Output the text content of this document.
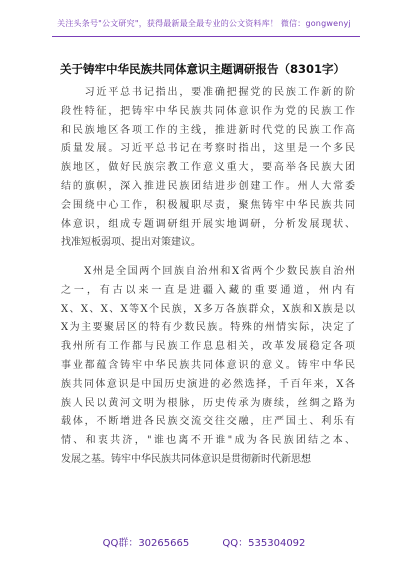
关注头条号"公文研究"，获得最新最全最专业的公文资料库！ 微信：gongwenyj
关于铸牢中华民族共同体意识主题调研报告（8301字）
　　习近平总书记指出，要准确把握党的民族工作新的阶
段性特征，把铸牢中华民族共同体意识作为党的民族工作
和民族地区各项工作的主线，推进新时代党的民族工作高
质量发展。习近平总书记在考察时指出，这里是一个多民
族地区，做好民族宗教工作意义重大，要高举各民族大团
结的旗帜，深入推进民族团结进步创建工作。州人大常委
会围绕中心工作，积极履职尽责，聚焦铸牢中华民族共同
体意识，组成专题调研组开展实地调研，分析发展现状、
找准短板弱项、提出对策建议。
　　X州是全国两个回族自治州和X省两个少数民族自治州
之一，有古以来一直是进疆入藏的重要通道，州内有
X、X、X、X等X个民族，X多万各族群众，X族和X族是以
X为主要聚居区的特有少数民族。特殊的州情实际，决定了
我州所有工作都与民族工作息息相关，改革发展稳定各项
事业都蕴含铸牢中华民族共同体意识的意义。铸牢中华民
族共同体意识是中国历史演进的必然选择，千百年来，X各
族人民以黄河文明为根脉，历史传承为赓续，丝绸之路为
载体，不断增进各民族交流交往交融，庄严国土、利乐有
情、和衷共济，"谁也离不开谁"成为各民族团结之本、
发展之基。铸牢中华民族共同体意识是贯彻新时代新思想
QQ群：30265665	QQ：535304092
